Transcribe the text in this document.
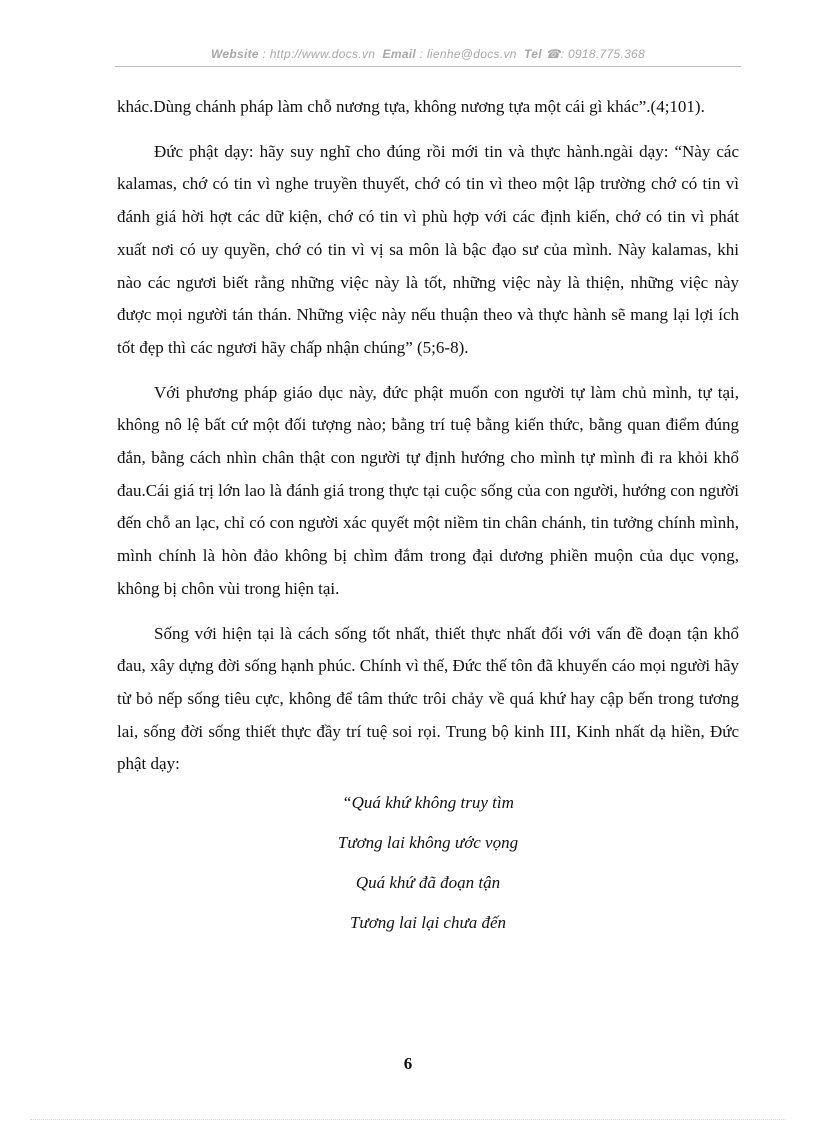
Website : http://www.docs.vn Email : lienhe@docs.vn Tel ☎: 0918.775.368

khác.Dùng chánh pháp làm chỗ nương tựa, không nương tựa một cái gì khác”.(4;101).

Đức phật dạy: hãy suy nghĩ cho đúng rồi mới tin và thực hành.ngài dạy: “Này các kalamas, chớ có tin vì nghe truyền thuyết, chớ có tin vì theo một lập trường chớ có tin vì đánh giá hời hợt các dữ kiện, chớ có tin vì phù hợp với các định kiến, chớ có tin vì phát xuất nơi có uy quyền, chớ có tin vì vị sa môn là bậc đạo sư của mình. Này kalamas, khi nào các ngươi biết rằng những việc này là tốt, những việc này là thiện, những việc này được mọi người tán thán. Những việc này nếu thuận theo và thực hành sẽ mang lại lợi ích tốt đẹp thì các ngươi hãy chấp nhận chúng” (5;6-8).

Với phương pháp giáo dục này, đức phật muốn con người tự làm chủ mình, tự tại, không nô lệ bất cứ một đối tượng nào; bằng trí tuệ bằng kiến thức, bằng quan điểm đúng đắn, bằng cách nhìn chân thật con người tự định hướng cho mình tự mình đi ra khỏi khổ đau.Cái giá trị lớn lao là đánh giá trong thực tại cuộc sống của con người, hướng con người đến chỗ an lạc, chỉ có con người xác quyết một niềm tin chân chánh, tin tưởng chính mình, mình chính là hòn đảo không bị chìm đắm trong đại dương phiền muộn của dục vọng, không bị chôn vùi trong hiện tại.

Sống với hiện tại là cách sống tốt nhất, thiết thực nhất đối với vấn đề đoạn tận khổ đau, xây dựng đời sống hạnh phúc. Chính vì thế, Đức thế tôn đã khuyến cáo mọi người hãy từ bỏ nếp sống tiêu cực, không để tâm thức trôi chảy về quá khứ hay cập bến trong tương lai, sống đời sống thiết thực đầy trí tuệ soi rọi. Trung bộ kinh III, Kinh nhất dạ hiền, Đức phật dạy:

“Quá khứ không truy tìm
Tương lai không ước vọng
Quá khứ đã đoạn tận
Tương lai lại chưa đến
6
